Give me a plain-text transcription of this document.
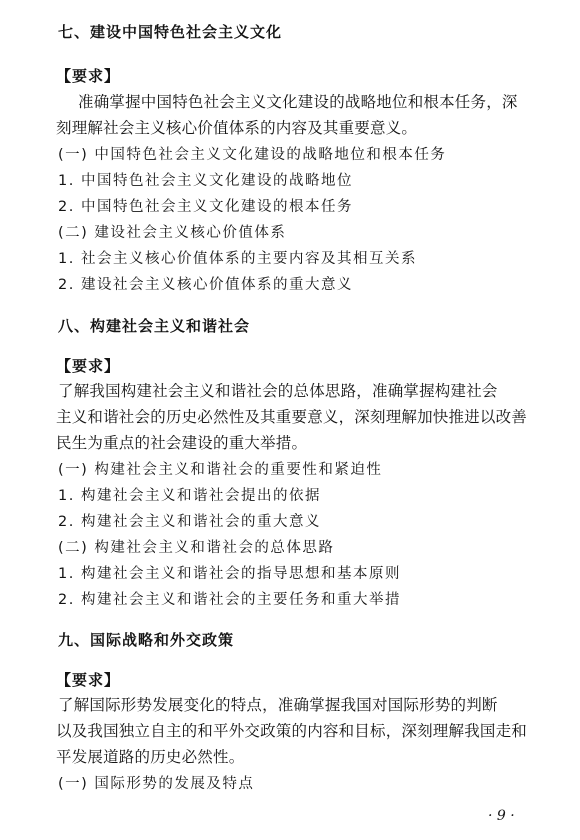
七、建设中国特色社会主义文化
【要求】
准确掌握中国特色社会主义文化建设的战略地位和根本任务，深
刻理解社会主义核心价值体系的内容及其重要意义。
(一) 中国特色社会主义文化建设的战略地位和根本任务
1. 中国特色社会主义文化建设的战略地位
2. 中国特色社会主义文化建设的根本任务
(二) 建设社会主义核心价值体系
1. 社会主义核心价值体系的主要内容及其相互关系
2. 建设社会主义核心价值体系的重大意义
八、构建社会主义和谐社会
【要求】
了解我国构建社会主义和谐社会的总体思路，准确掌握构建社会
主义和谐社会的历史必然性及其重要意义，深刻理解加快推进以改善
民生为重点的社会建设的重大举措。
(一) 构建社会主义和谐社会的重要性和紧迫性
1. 构建社会主义和谐社会提出的依据
2. 构建社会主义和谐社会的重大意义
(二) 构建社会主义和谐社会的总体思路
1. 构建社会主义和谐社会的指导思想和基本原则
2. 构建社会主义和谐社会的主要任务和重大举措
九、国际战略和外交政策
【要求】
了解国际形势发展变化的特点，准确掌握我国对国际形势的判断
以及我国独立自主的和平外交政策的内容和目标，深刻理解我国走和
平发展道路的历史必然性。
(一) 国际形势的发展及特点
· 9 ·
